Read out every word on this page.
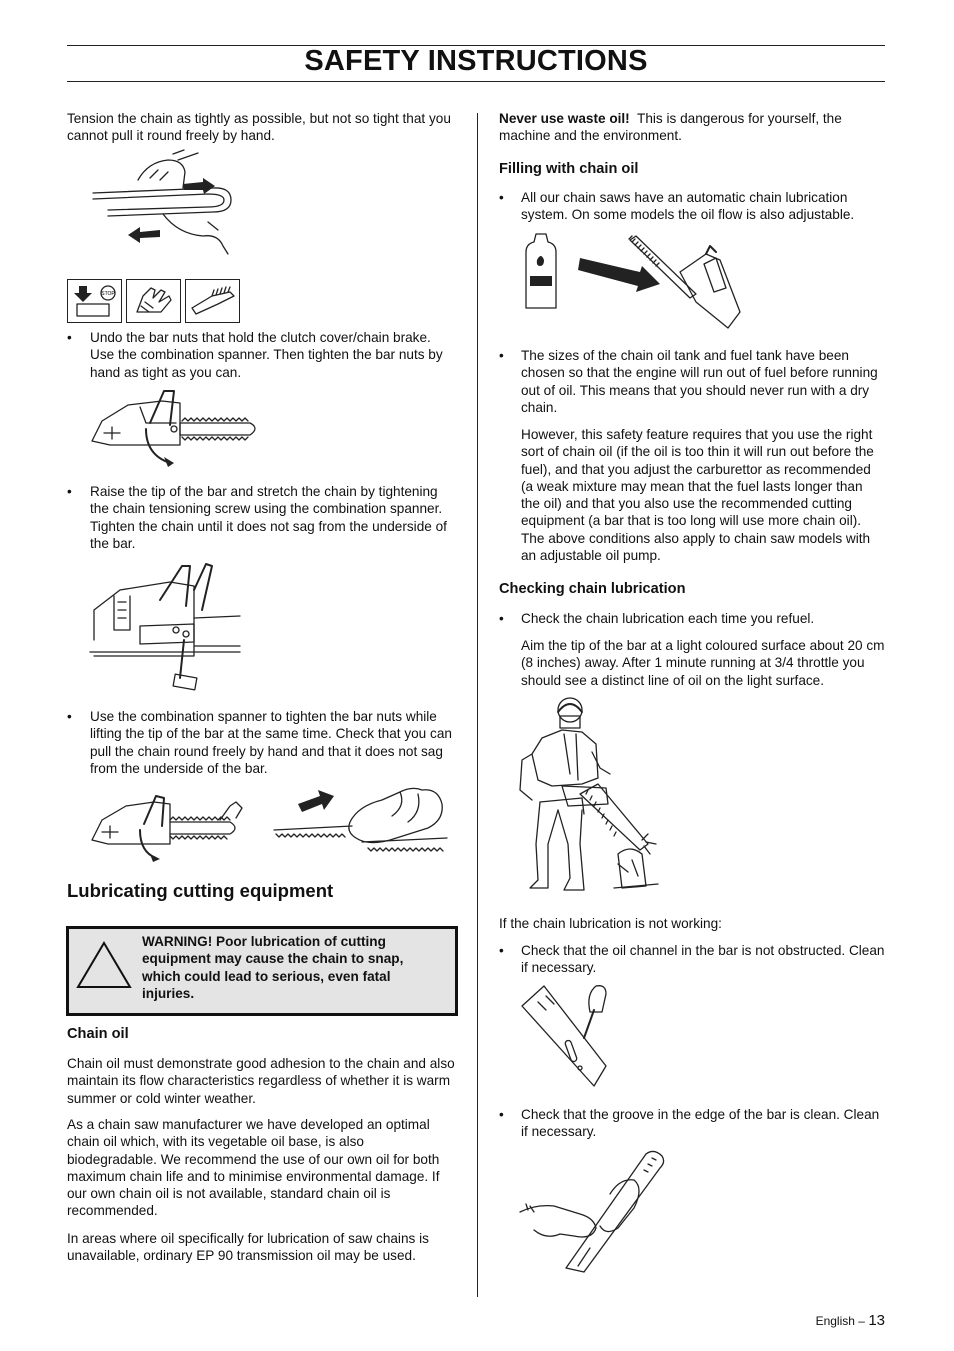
SAFETY INSTRUCTIONS

Tension the chain as tightly as possible, but not so tight that you cannot pull it round freely by hand.

STOP
• Undo the bar nuts that hold the clutch cover/chain brake. Use the combination spanner. Then tighten the bar nuts by hand as tight as you can.
• Raise the tip of the bar and stretch the chain by tightening the chain tensioning screw using the combination spanner. Tighten the chain until it does not sag from the underside of the bar.
• Use the combination spanner to tighten the bar nuts while lifting the tip of the bar at the same time. Check that you can pull the chain round freely by hand and that it does not sag from the underside of the bar.
Lubricating cutting equipment
WARNING! Poor lubrication of cutting equipment may cause the chain to snap, which could lead to serious, even fatal injuries.
Chain oil

Chain oil must demonstrate good adhesion to the chain and also maintain its flow characteristics regardless of whether it is warm summer or cold winter weather.

As a chain saw manufacturer we have developed an optimal chain oil which, with its vegetable oil base, is also biodegradable. We recommend the use of our own oil for both maximum chain life and to minimise environmental damage. If our own chain oil is not available, standard chain oil is recommended.

In areas where oil specifically for lubrication of saw chains is unavailable, ordinary EP 90 transmission oil may be used.

Never use waste oil! This is dangerous for yourself, the machine and the environment.

Filling with chain oil
• All our chain saws have an automatic chain lubrication system. On some models the oil flow is also adjustable.
• The sizes of the chain oil tank and fuel tank have been chosen so that the engine will run out of fuel before running out of oil. This means that you should never run with a dry chain.

However, this safety feature requires that you use the right sort of chain oil (if the oil is too thin it will run out before the fuel), and that you adjust the carburettor as recommended (a weak mixture may mean that the fuel lasts longer than the oil) and that you also use the recommended cutting equipment (a bar that is too long will use more chain oil). The above conditions also apply to chain saw models with an adjustable oil pump.

Checking chain lubrication
• Check the chain lubrication each time you refuel.

Aim the tip of the bar at a light coloured surface about 20 cm (8 inches) away. After 1 minute running at 3/4 throttle you should see a distinct line of oil on the light surface.

If the chain lubrication is not working:

• Check that the oil channel in the bar is not obstructed. Clean if necessary.
• Check that the groove in the edge of the bar is clean. Clean if necessary.
English – 13
